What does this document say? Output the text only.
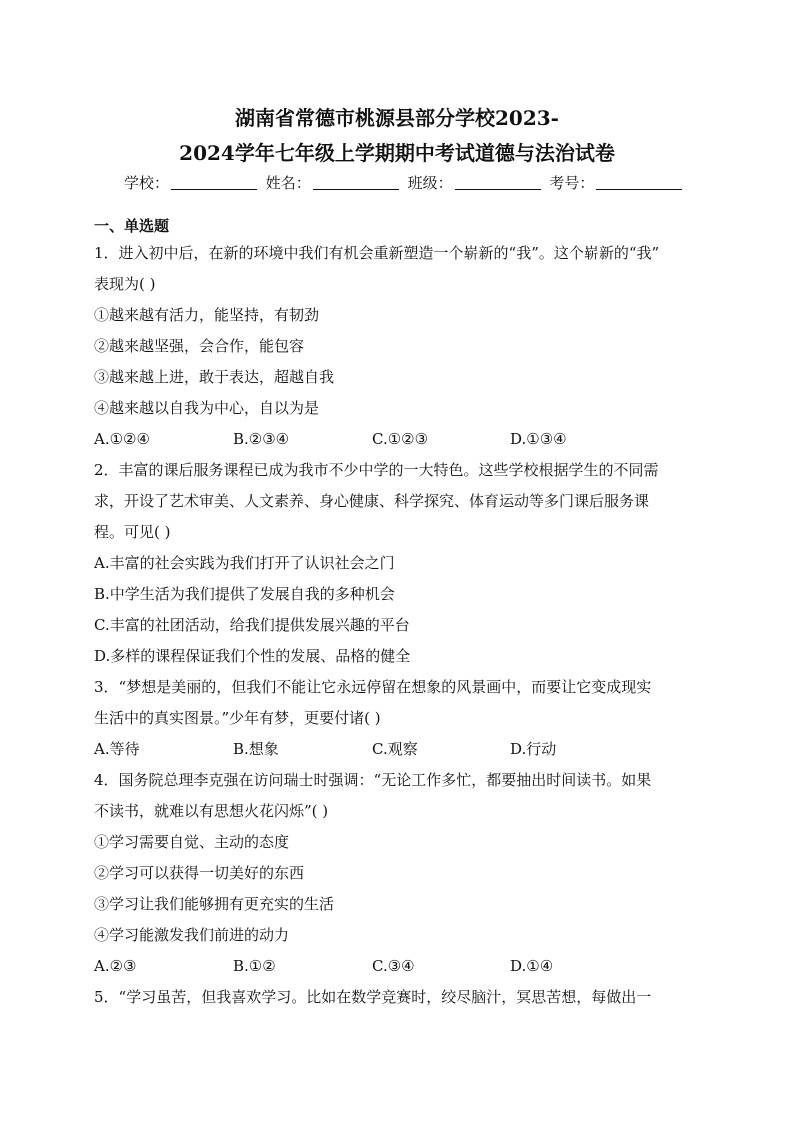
湖南省常德市桃源县部分学校2023-
2024学年七年级上学期期中考试道德与法治试卷
学校：	姓名：	班级：	考号：
一、单选题
1．进入初中后，在新的环境中我们有机会重新塑造一个崭新的“我”。这个崭新的“我”
表现为( )
①越来越有活力，能坚持，有韧劲
②越来越坚强，会合作，能包容
③越来越上进，敢于表达，超越自我
④越来越以自我为中心，自以为是
A.①②④	B.②③④	C.①②③	D.①③④
2．丰富的课后服务课程已成为我市不少中学的一大特色。这些学校根据学生的不同需
求，开设了艺术审美、人文素养、身心健康、科学探究、体育运动等多门课后服务课
程。可见( )
A.丰富的社会实践为我们打开了认识社会之门
B.中学生活为我们提供了发展自我的多种机会
C.丰富的社团活动，给我们提供发展兴趣的平台
D.多样的课程保证我们个性的发展、品格的健全
3．“梦想是美丽的，但我们不能让它永远停留在想象的风景画中，而要让它变成现实
生活中的真实图景。”少年有梦，更要付诸( )
A.等待	B.想象	C.观察	D.行动
4．国务院总理李克强在访问瑞士时强调：“无论工作多忙，都要抽出时间读书。如果
不读书，就难以有思想火花闪烁”( )
①学习需要自觉、主动的态度
②学习可以获得一切美好的东西
③学习让我们能够拥有更充实的生活
④学习能激发我们前进的动力
A.②③	B.①②	C.③④	D.①④
5．“学习虽苦，但我喜欢学习。比如在数学竞赛时，绞尽脑汁，冥思苦想，每做出一
